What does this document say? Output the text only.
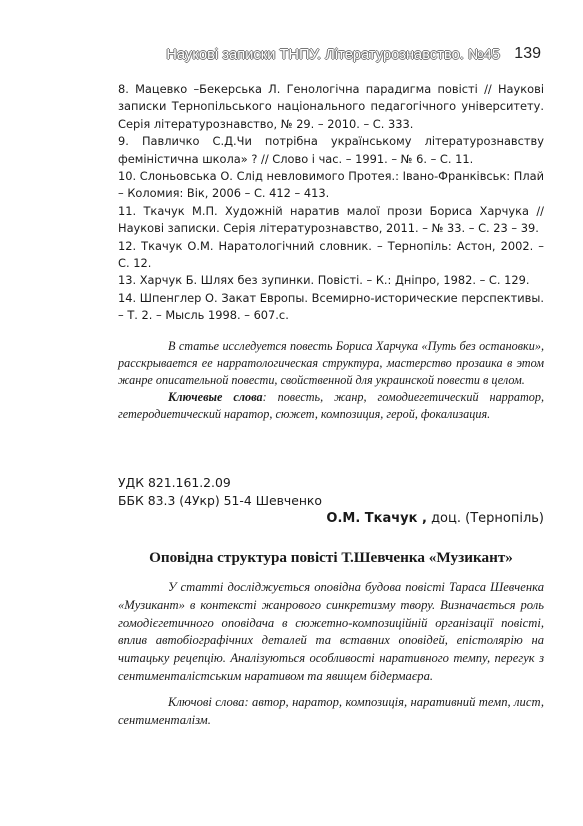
Наукові записки ТНПУ. Літературознавство. №45 139

8. Мацевко –Бекерська Л. Генологічна парадигма повісті // Наукові записки Тернопільського національного педагогічного університету. Серія літературознавство, № 29. – 2010. – С. 333.

9. Павличко С.Д.Чи потрібна українському літературознавству феміністична школа» ? // Слово і час. – 1991. – № 6. – С. 11.

10. Слоньовська О. Слід невловимого Протея.: Івано-Франківськ: Плай – Коломия: Вік, 2006 – С. 412 – 413.

11. Ткачук М.П. Художній наратив малої прози Бориса Харчука // Наукові записки. Серія літературознавство, 2011. – № 33. – С. 23 – 39.

12. Ткачук О.М. Наратологічний словник. – Тернопіль: Астон, 2002. – С. 12.

13. Харчук Б. Шлях без зупинки. Повісті. – К.: Дніпро, 1982. – С. 129.

14. Шпенглер О. Закат Европы. Всемирно-исторические перспективы. – Т. 2. – Мысль 1998. – 607.с.

В статье исследуется повесть Бориса Харчука «Путь без остановки», расскрывается ее нарратологическая структура, мастерство прозаика в этом жанре описательной повести, свойственной для украинской повести в целом.

Ключевые слова: повесть, жанр, гомодиегетический нарратор, гетеродиетический наратор, сюжет, композиция, герой, фокализация.

УДК 821.161.2.09

ББК 83.3 (4Укр) 51-4 Шевченко

О.М. Ткачук , доц. (Тернопіль)

Оповідна структура повісті Т.Шевченка «Музикант»

У статті досліджується оповідна будова повісті Тараса Шевченка «Музикант» в контексті жанрового синкретизму твору. Визначається роль гомодієгетичного оповідача в сюжетно-композиційній організації повісті, вплив автобіографічних деталей та вставних оповідей, епістолярію на читацьку рецепцію. Аналізуються особливості наративного темпу, перегук з сентименталістським наративом та явищем бідермаєра.

Ключові слова: автор, наратор, композиція, наративний темп, лист, сентименталізм.
